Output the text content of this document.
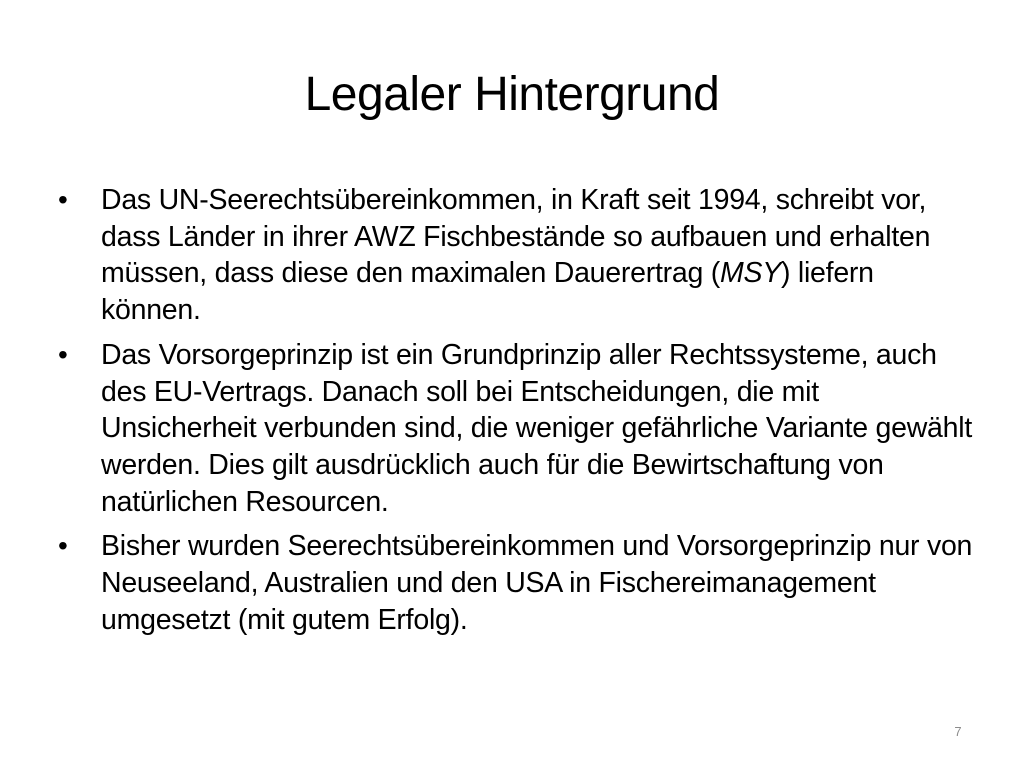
Legaler Hintergrund
•	Das UN-Seerechtsübereinkommen, in Kraft seit 1994, schreibt vor, dass Länder in ihrer AWZ Fischbestände so aufbauen und erhalten müssen, dass diese den maximalen Dauerertrag (MSY) liefern können.
•	Das Vorsorgeprinzip ist ein Grundprinzip aller Rechtssysteme, auch des EU-Vertrags. Danach soll bei Entscheidungen, die mit Unsicherheit verbunden sind, die weniger gefährliche Variante gewählt werden. Dies gilt ausdrücklich auch für die Bewirtschaftung von natürlichen Resourcen.
•	Bisher wurden Seerechtsübereinkommen und Vorsorgeprinzip nur von Neuseeland, Australien und den USA in Fischereimanagement umgesetzt (mit gutem Erfolg).
7
